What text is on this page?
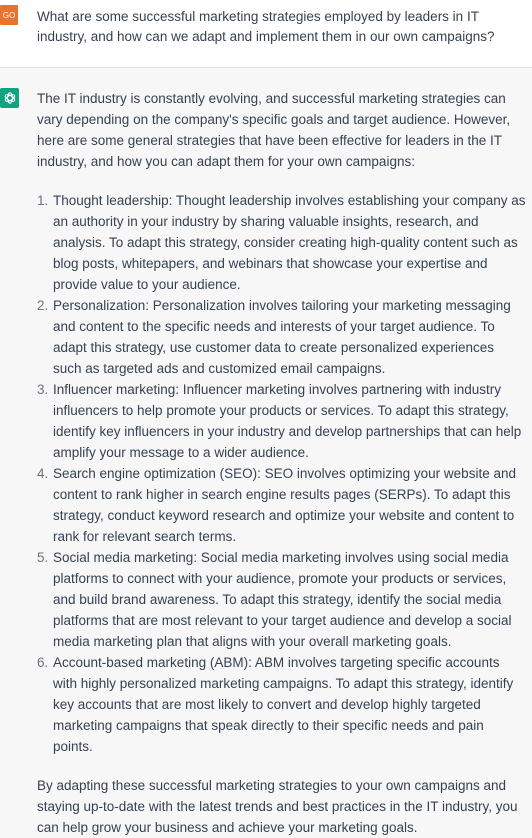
GO What are some successful marketing strategies employed by leaders in IT industry, and how can we adapt and implement them in our own campaigns?

The IT industry is constantly evolving, and successful marketing strategies can vary depending on the company's specific goals and target audience. However, here are some general strategies that have been effective for leaders in the IT industry, and how you can adapt them for your own campaigns:

1. Thought leadership: Thought leadership involves establishing your company as an authority in your industry by sharing valuable insights, research, and analysis. To adapt this strategy, consider creating high-quality content such as blog posts, whitepapers, and webinars that showcase your expertise and provide value to your audience.
2. Personalization: Personalization involves tailoring your marketing messaging and content to the specific needs and interests of your target audience. To adapt this strategy, use customer data to create personalized experiences such as targeted ads and customized email campaigns.
3. Influencer marketing: Influencer marketing involves partnering with industry influencers to help promote your products or services. To adapt this strategy, identify key influencers in your industry and develop partnerships that can help amplify your message to a wider audience.
4. Search engine optimization (SEO): SEO involves optimizing your website and content to rank higher in search engine results pages (SERPs). To adapt this strategy, conduct keyword research and optimize your website and content to rank for relevant search terms.
5. Social media marketing: Social media marketing involves using social media platforms to connect with your audience, promote your products or services, and build brand awareness. To adapt this strategy, identify the social media platforms that are most relevant to your target audience and develop a social media marketing plan that aligns with your overall marketing goals.
6. Account-based marketing (ABM): ABM involves targeting specific accounts with highly personalized marketing campaigns. To adapt this strategy, identify key accounts that are most likely to convert and develop highly targeted marketing campaigns that speak directly to their specific needs and pain points.

By adapting these successful marketing strategies to your own campaigns and staying up-to-date with the latest trends and best practices in the IT industry, you can help grow your business and achieve your marketing goals.
